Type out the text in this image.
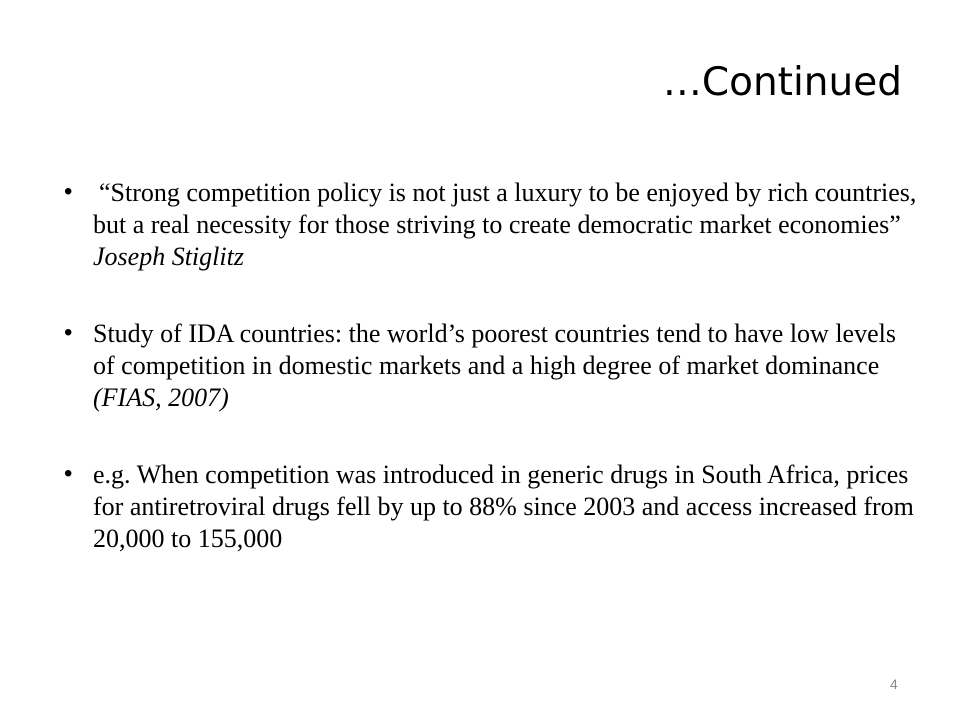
…Continued
• “Strong competition policy is not just a luxury to be enjoyed by rich countries, but a real necessity for those striving to create democratic market economies” Joseph Stiglitz
• Study of IDA countries: the world’s poorest countries tend to have low levels of competition in domestic markets and a high degree of market dominance (FIAS, 2007)
• e.g. When competition was introduced in generic drugs in South Africa, prices for antiretroviral drugs fell by up to 88% since 2003 and access increased from 20,000 to 155,000
4
